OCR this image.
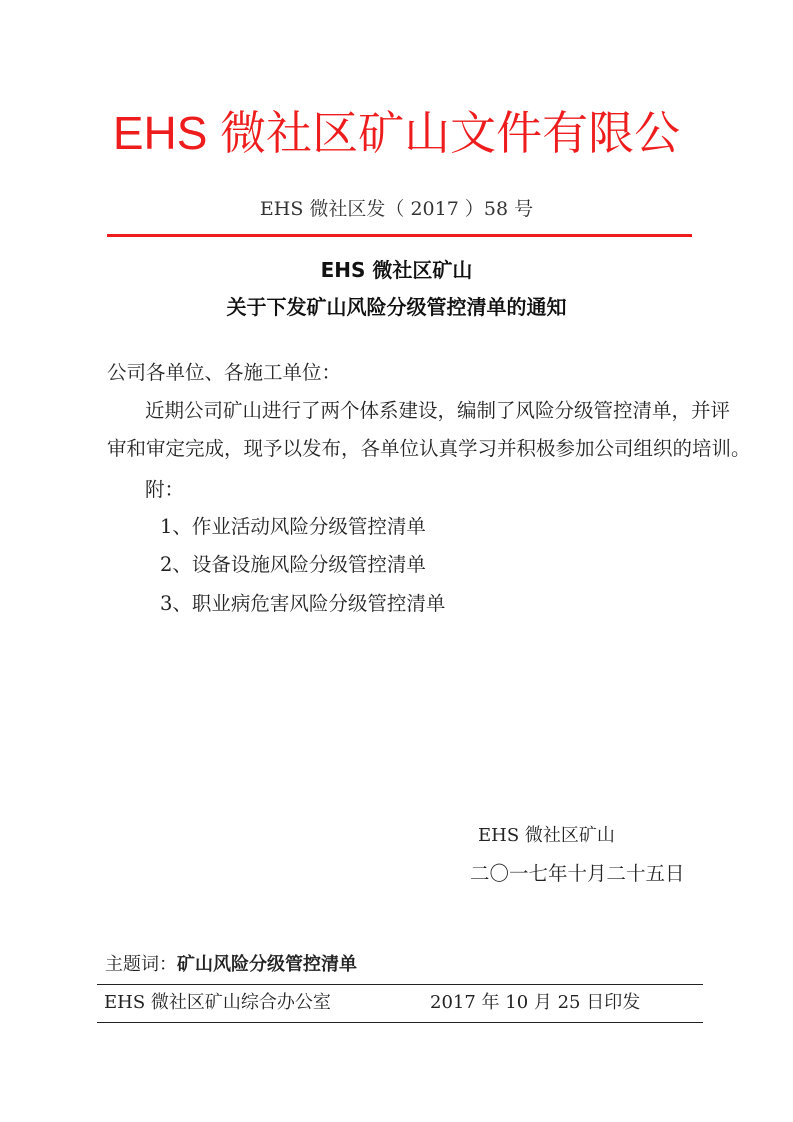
EHS 微社区矿山文件有限公
EHS 微社区发（ 2017 ）58 号
EHS 微社区矿山
关于下发矿山风险分级管控清单的通知
公司各单位、各施工单位：
近期公司矿山进行了两个体系建设，编制了风险分级管控清单，并评
审和审定完成，现予以发布，各单位认真学习并积极参加公司组织的培训。
附：
1、作业活动风险分级管控清单
2、设备设施风险分级管控清单
3、职业病危害风险分级管控清单
EHS 微社区矿山
二〇一七年十月二十五日
主题词：矿山风险分级管控清单
EHS 微社区矿山综合办公室	2017 年 10 月 25 日印发
